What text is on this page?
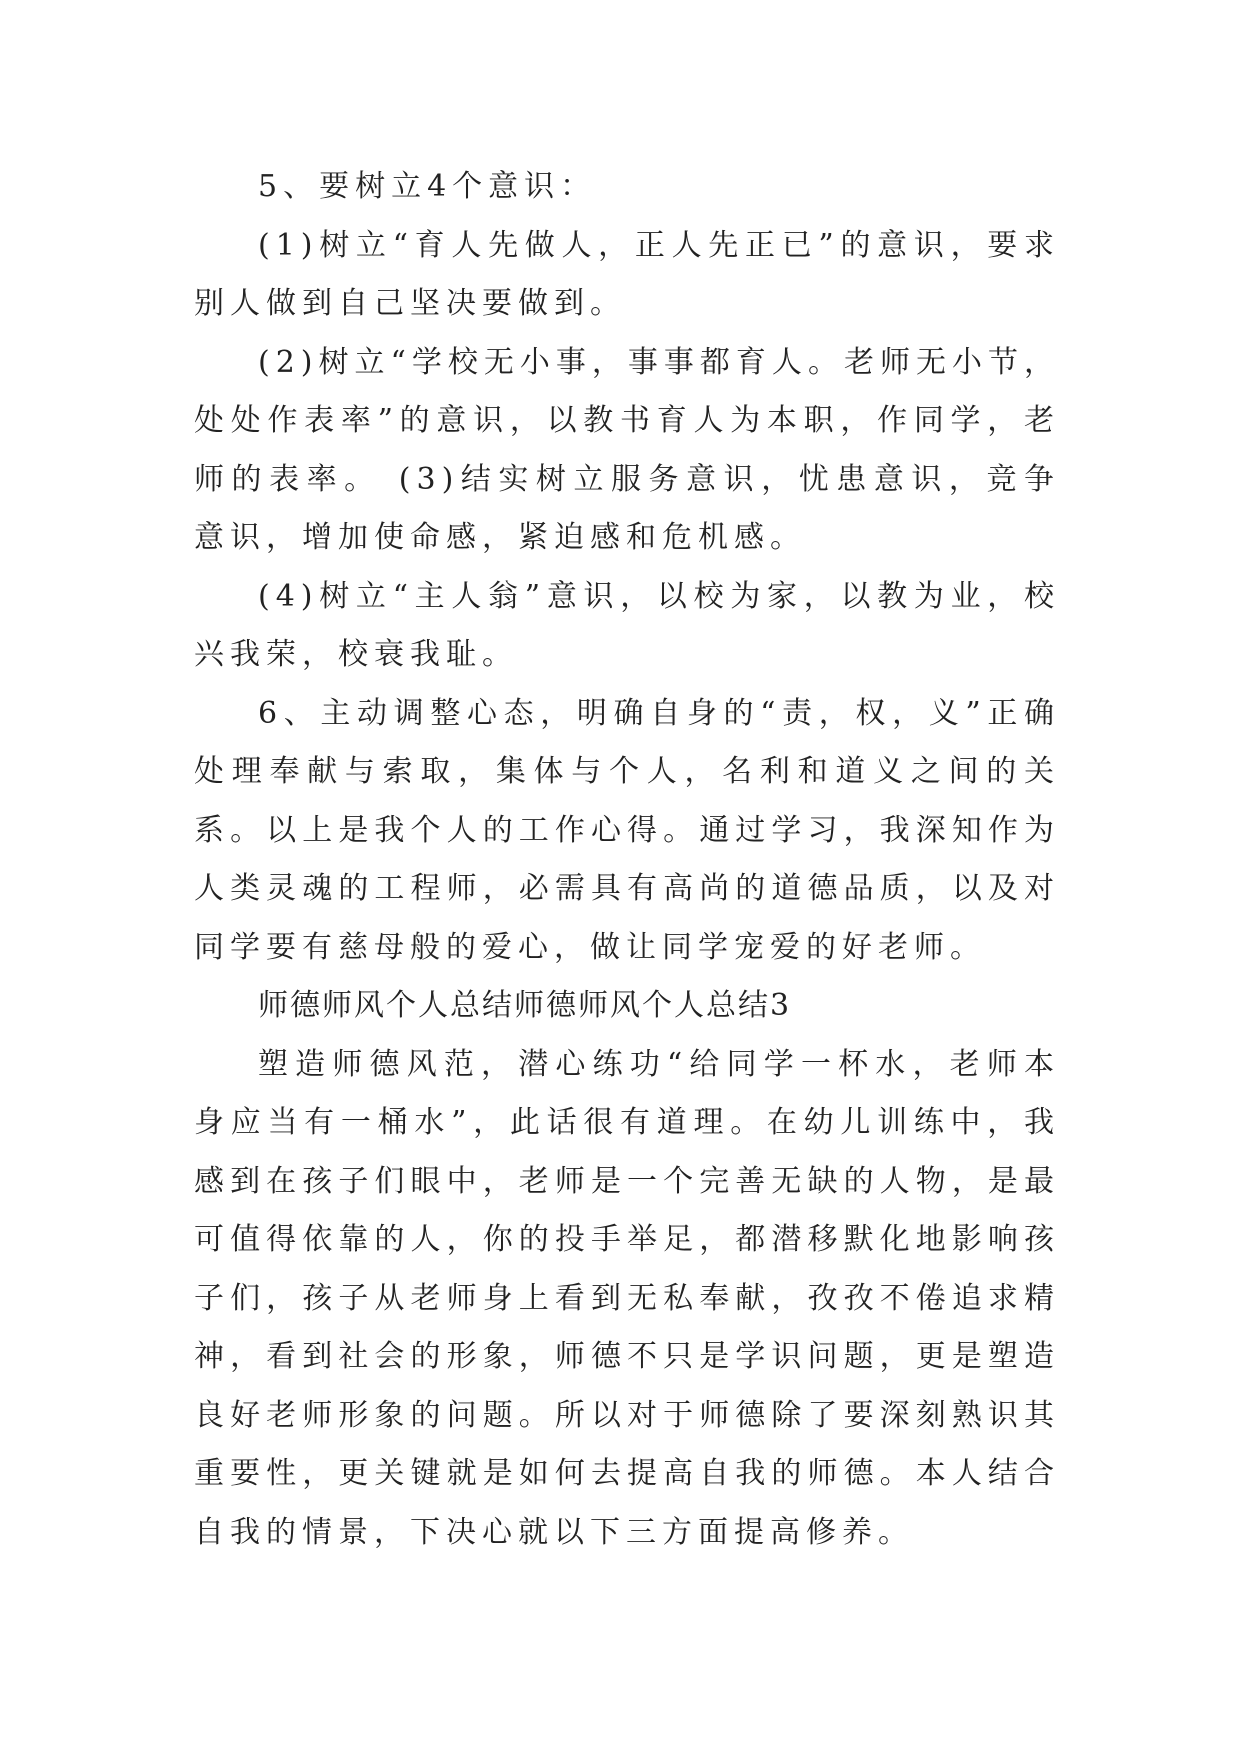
5、要树立4个意识：

(1)树立“育人先做人，正人先正已”的意识，要求别人做到自己坚决要做到。

(2)树立“学校无小事，事事都育人。老师无小节，处处作表率”的意识，以教书育人为本职，作同学，老师的表率。 (3)结实树立服务意识，忧患意识，竞争意识，增加使命感，紧迫感和危机感。

(4)树立“主人翁”意识，以校为家，以教为业，校兴我荣，校衰我耻。

6、主动调整心态，明确自身的“责，权，义”正确处理奉献与索取，集体与个人，名利和道义之间的关系。以上是我个人的工作心得。通过学习，我深知作为人类灵魂的工程师，必需具有高尚的道德品质，以及对同学要有慈母般的爱心，做让同学宠爱的好老师。

师德师风个人总结师德师风个人总结3

塑造师德风范，潜心练功“给同学一杯水，老师本身应当有一桶水”，此话很有道理。在幼儿训练中，我感到在孩子们眼中，老师是一个完善无缺的人物，是最可值得依靠的人，你的投手举足，都潜移默化地影响孩子们，孩子从老师身上看到无私奉献，孜孜不倦追求精神，看到社会的形象，师德不只是学识问题，更是塑造良好老师形象的问题。所以对于师德除了要深刻熟识其重要性，更关键就是如何去提高自我的师德。本人结合自我的情景，下决心就以下三方面提高修养。
